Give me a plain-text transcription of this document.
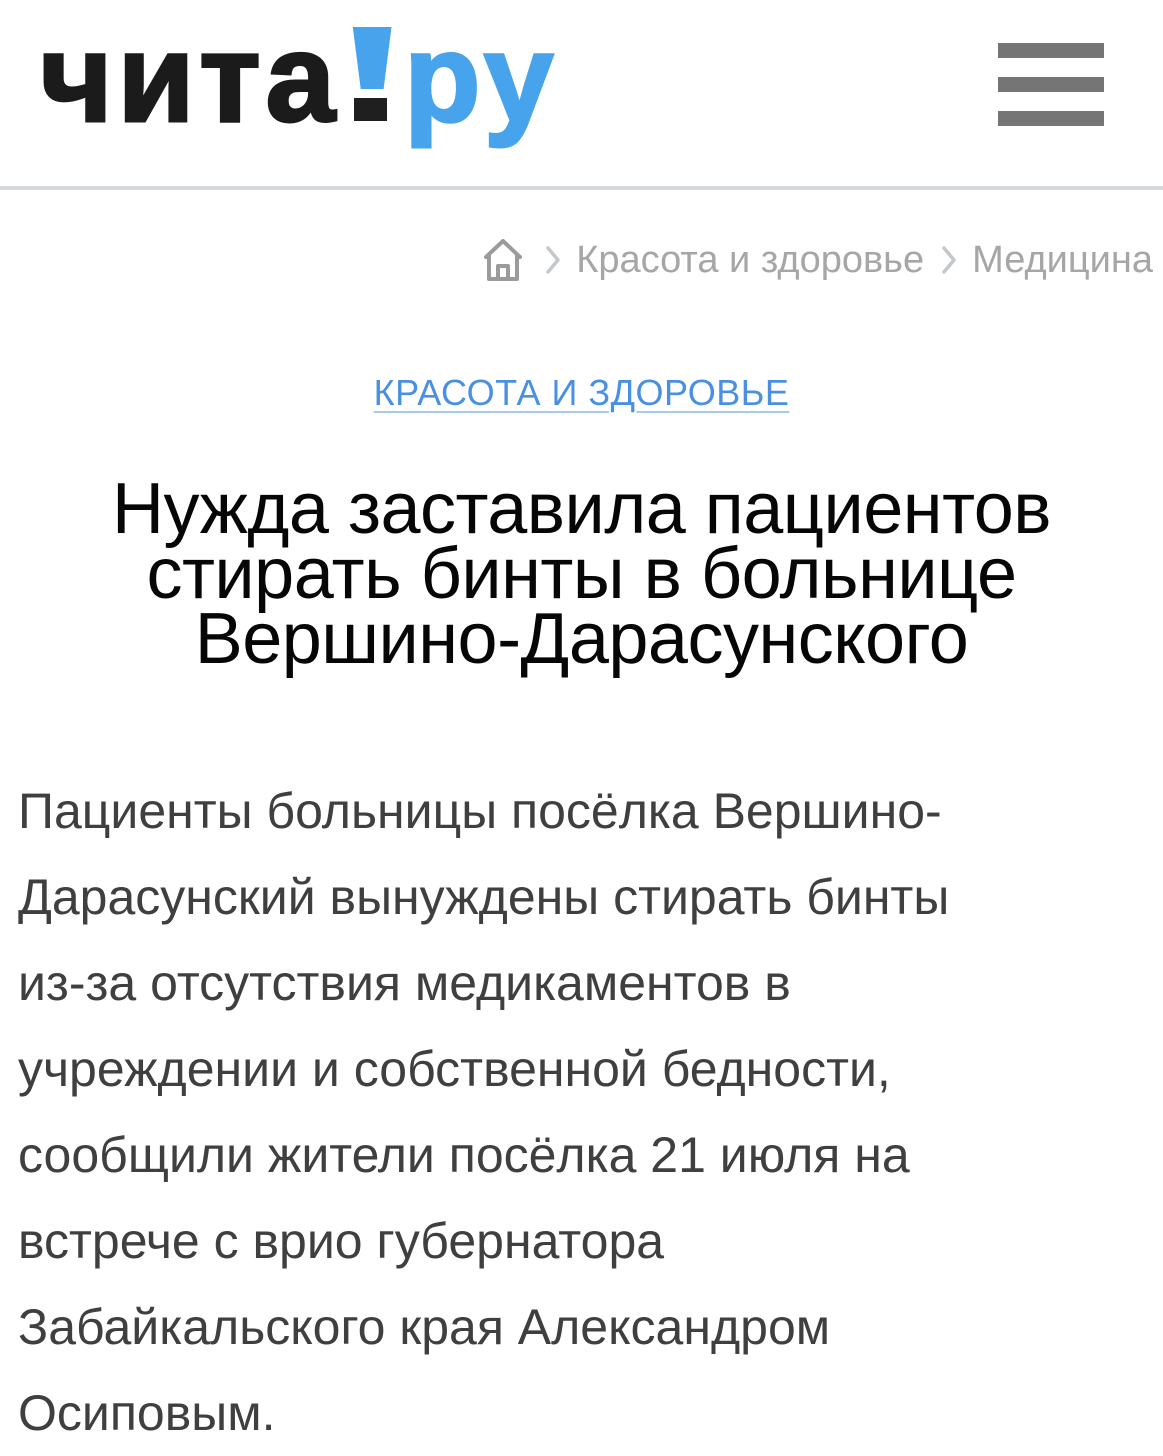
чита ру
Красота и здоровье Медицина
КРАСОТА И ЗДОРОВЬЕ
Нужда заставила пациентов стирать бинты в больнице Вершино-Дарасунского

Пациенты больницы посёлка Вершино-Дарасунский вынуждены стирать бинты из-за отсутствия медикаментов в учреждении и собственной бедности, сообщили жители посёлка 21 июля на встрече с врио губернатора Забайкальского края Александром Осиповым.
